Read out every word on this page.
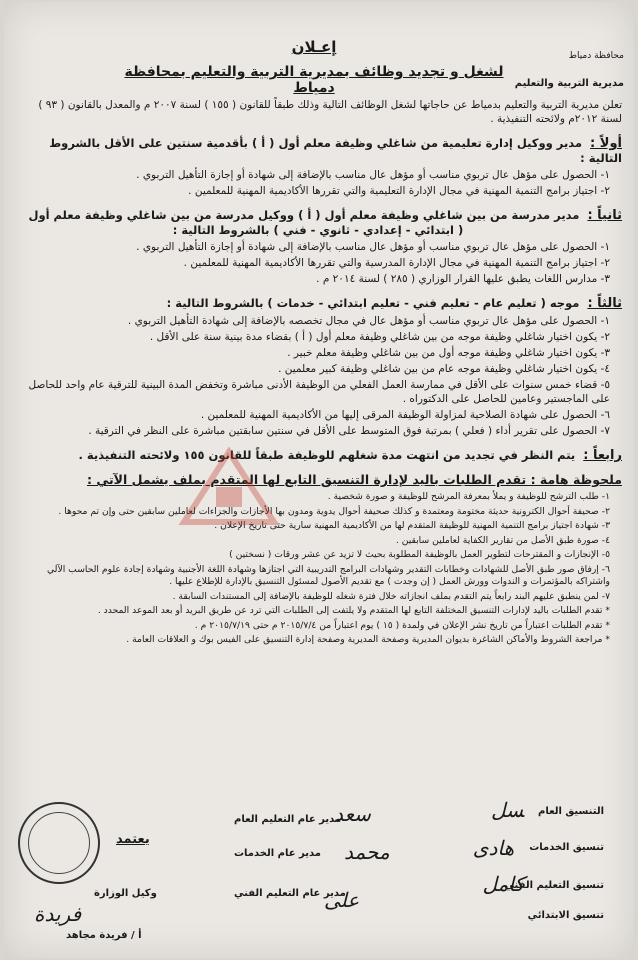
محافظة دمياط
مديرية التربية والتعليم
إعـلان
لشغل و تجديد وظائف بمديرية التربية والتعليم بمحافظة دمياط
تعلن مديرية التربية والتعليم بدمياط عن حاجاتها لشغل الوظائف التالية وذلك طبقاً للقانون ( ١٥٥ ) لسنة ٢٠٠٧ م والمعدل بالقانون ( ٩٣ ) لسنة ٢٠١٢م ولائحته التنفيذية .
أولاً : مدير ووكيل إدارة تعليمية من شاغلي وظيفة معلم أول ( أ ) بأقدمية سنتين على الأقل بالشروط التالية :
١- الحصول على مؤهل عال تربوي مناسب أو مؤهل عال مناسب بالإضافة إلى شهادة أو إجازة التأهيل التربوي .
٢- اجتياز برامج التنمية المهنية في مجال الإدارة التعليمية والتي تقررها الأكاديمية المهنية للمعلمين .
ثانياً : مدير مدرسة من بين شاغلي وظيفة معلم أول ( أ ) ووكيل مدرسة من بين شاغلي وظيفة معلم أول
( ابتدائي - إعدادي - ثانوي - فني ) بالشروط التالية :
١- الحصول على مؤهل عال تربوي مناسب أو مؤهل عال مناسب بالإضافة إلى شهادة أو إجازة التأهيل التربوي .
٢- اجتياز برامج التنمية المهنية في مجال الإدارة المدرسية والتي تقررها الأكاديمية المهنية للمعلمين .
٣- مدارس اللغات يطبق عليها القرار الوزاري ( ٢٨٥ ) لسنة ٢٠١٤ م .
ثالثاً : موجه ( تعليم عام - تعليم فني - تعليم ابتدائي - خدمات ) بالشروط التالية :
١- الحصول على مؤهل عال تربوي مناسب أو مؤهل عال في مجال تخصصه بالإضافة إلى شهادة التأهيل التربوي .
٢- يكون اختيار شاغلي وظيفة موجه من بين شاغلي وظيفة معلم أول ( أ ) بقضاء مدة بينية سنة على الأقل .
٣- يكون اختيار شاغلي وظيفة موجه أول من بين شاغلي وظيفة معلم خبير .
٤- يكون اختيار شاغلي وظيفة موجه عام من بين شاغلي وظيفة كبير معلمين .
٥- قضاء خمس سنوات على الأقل في ممارسة العمل الفعلي من الوظيفة الأدنى مباشرة وتخفض المدة البينية للترقية عام واحد للحاصل على الماجستير وعامين للحاصل على الدكتوراه .
٦- الحصول على شهادة الصلاحية لمزاولة الوظيفة المرقى إليها من الأكاديمية المهنية للمعلمين .
٧- الحصول على تقرير أداء ( فعلي ) بمرتبة فوق المتوسط على الأقل في سنتين سابقتين مباشرة على النظر في الترقية .
رابعاً : يتم النظر في تجديد من انتهت مدة شغلهم للوظيفة طبقاً للقانون ١٥٥ ولائحته التنفيذية .
ملحوظة هامة : تقدم الطلبات باليد لإدارة التنسيق التابع لها المتقدم بملف يشمل الآتي :
١- طلب الترشح للوظيفة و يملأ بمعرفة المرشح للوظيفة و صورة شخصية .
٢- صحيفة أحوال الكترونية حديثة مختومة ومعتمدة و كذلك صحيفة أحوال يدوية ومدون بها الأجازات والجزاءات لعاملين سابقين حتى وإن تم محوها .
٣- شهادة اجتياز برامج التنمية المهنية للوظيفة المتقدم لها من الأكاديمية المهنية سارية حتى تاريخ الإعلان .
٤- صورة طبق الأصل من تقارير الكفاية لعاملين سابقين .
٥- الإنجازات و المقترحات لتطوير العمل بالوظيفة المطلوبة بحيث لا تزيد عن عشر ورقات ( نسختين )
٦- إرفاق صور طبق الأصل للشهادات وخطابات التقدير وشهادات البرامج التدريبية التي اجتازها وشهادة اللغة الأجنبية وشهادة إجادة علوم الحاسب الآلي واشتراكه بالمؤتمرات و الندوات وورش العمل ( إن وجدت ) مع تقديم الأصول لمسئول التنسيق بالإدارة للإطلاع عليها .
٧- لمن ينطبق عليهم البند رابعاً يتم التقدم بملف انجازاته خلال فترة شغله للوظيفة بالإضافة إلى المستندات السابقة .
* تقدم الطلبات باليد لإدارات التنسيق المختلفة التابع لها المتقدم ولا يلتفت إلى الطلبات التي ترد عن طريق البريد أو بعد الموعد المحدد .
* تقدم الطلبات اعتباراً من تاريخ نشر الإعلان في ولمدة ( ١٥ ) يوم اعتباراً من ٢٠١٥/٧/٤ م حتى ٢٠١٥/٧/١٩ م .
* مراجعة الشروط والأماكن الشاغرة بديوان المديرية وصفحة المديرية وصفحة إدارة التنسيق على الفيس بوك و العلاقات العامة .
التنسيق العام
تنسيق الخدمات
تنسيق التعليم الفني
تنسيق الابتدائي
مدير عام التعليم العام
مدير عام الخدمات
مدير عام التعليم الفني
يعتمد
وكيل الوزارة
أ / فريدة مجاهد
ﺴﻞ
ﻫﺎﺩﻯ
ﻛﺎﻣﻞ
ﺳﻌﺪ
ﻣﺤﻤﺪ
ﻋﻠﻰ
ﻓﺮﻳﺪﺓ
